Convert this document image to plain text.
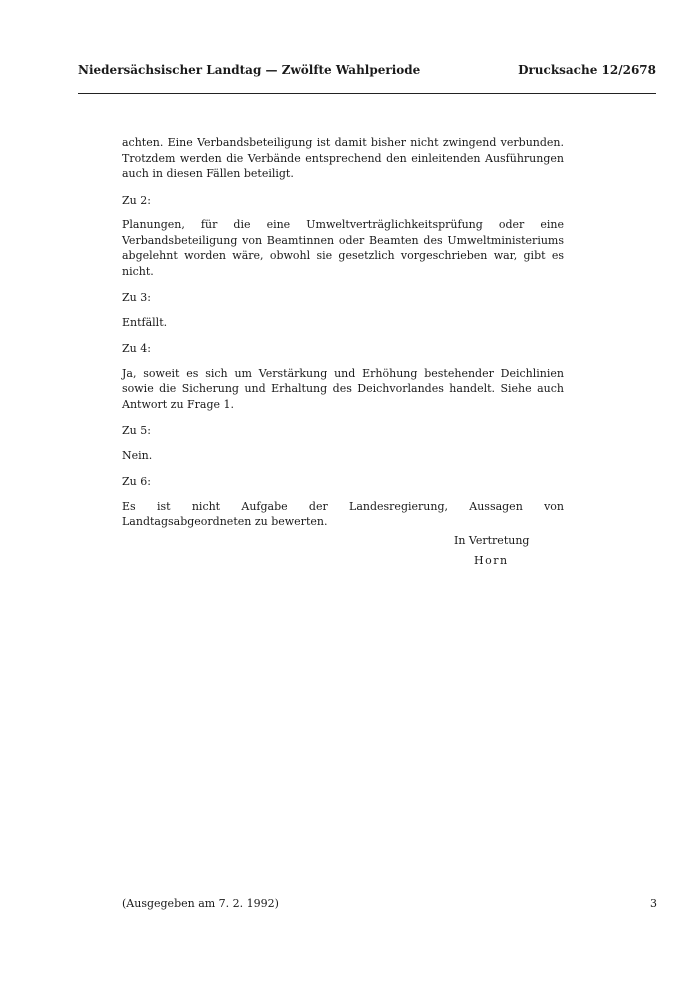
Niedersächsischer Landtag — Zwölfte Wahlperiode	Drucksache 12/2678

achten. Eine Verbandsbeteiligung ist damit bisher nicht zwingend verbunden. Trotzdem werden die Verbände entsprechend den einleitenden Ausführungen auch in diesen Fällen beteiligt.

Zu 2:

Planungen, für die eine Umweltverträglichkeitsprüfung oder eine Verbandsbeteiligung von Beamtinnen oder Beamten des Umweltministeriums abgelehnt worden wäre, obwohl sie gesetzlich vorgeschrieben war, gibt es nicht.

Zu 3:

Entfällt.

Zu 4:

Ja, soweit es sich um Verstärkung und Erhöhung bestehender Deichlinien sowie die Sicherung und Erhaltung des Deichvorlandes handelt. Siehe auch Antwort zu Frage 1.

Zu 5:

Nein.

Zu 6:

Es ist nicht Aufgabe der Landesregierung, Aussagen von Landtagsabgeordneten zu bewerten.

In Vertretung
Horn
(Ausgegeben am 7. 2. 1992)	3
